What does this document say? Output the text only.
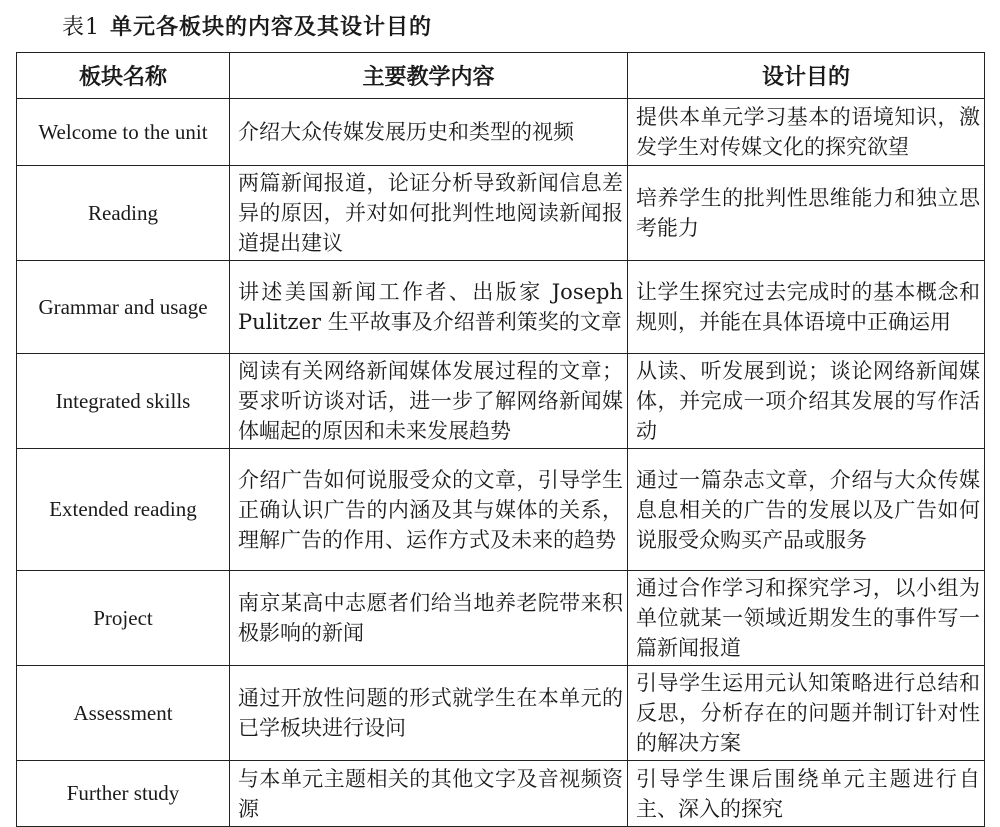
表1 单元各板块的内容及其设计目的
板块名称	主要教学内容	设计目的
Welcome to the unit	介绍大众传媒发展历史和类型的视频	提供本单元学习基本的语境知识，激发学生对传媒文化的探究欲望
Reading	两篇新闻报道，论证分析导致新闻信息差异的原因，并对如何批判性地阅读新闻报道提出建议	培养学生的批判性思维能力和独立思考能力
Grammar and usage	讲述美国新闻工作者、出版家 Joseph Pulitzer 生平故事及介绍普利策奖的文章	让学生探究过去完成时的基本概念和规则，并能在具体语境中正确运用
Integrated skills	阅读有关网络新闻媒体发展过程的文章；要求听访谈对话，进一步了解网络新闻媒体崛起的原因和未来发展趋势	从读、听发展到说；谈论网络新闻媒体，并完成一项介绍其发展的写作活动
Extended reading	介绍广告如何说服受众的文章，引导学生正确认识广告的内涵及其与媒体的关系，理解广告的作用、运作方式及未来的趋势	通过一篇杂志文章，介绍与大众传媒息息相关的广告的发展以及广告如何说服受众购买产品或服务
Project	南京某高中志愿者们给当地养老院带来积极影响的新闻	通过合作学习和探究学习，以小组为单位就某一领域近期发生的事件写一篇新闻报道
Assessment	通过开放性问题的形式就学生在本单元的已学板块进行设问	引导学生运用元认知策略进行总结和反思，分析存在的问题并制订针对性的解决方案
Further study	与本单元主题相关的其他文字及音视频资源	引导学生课后围绕单元主题进行自主、深入的探究
